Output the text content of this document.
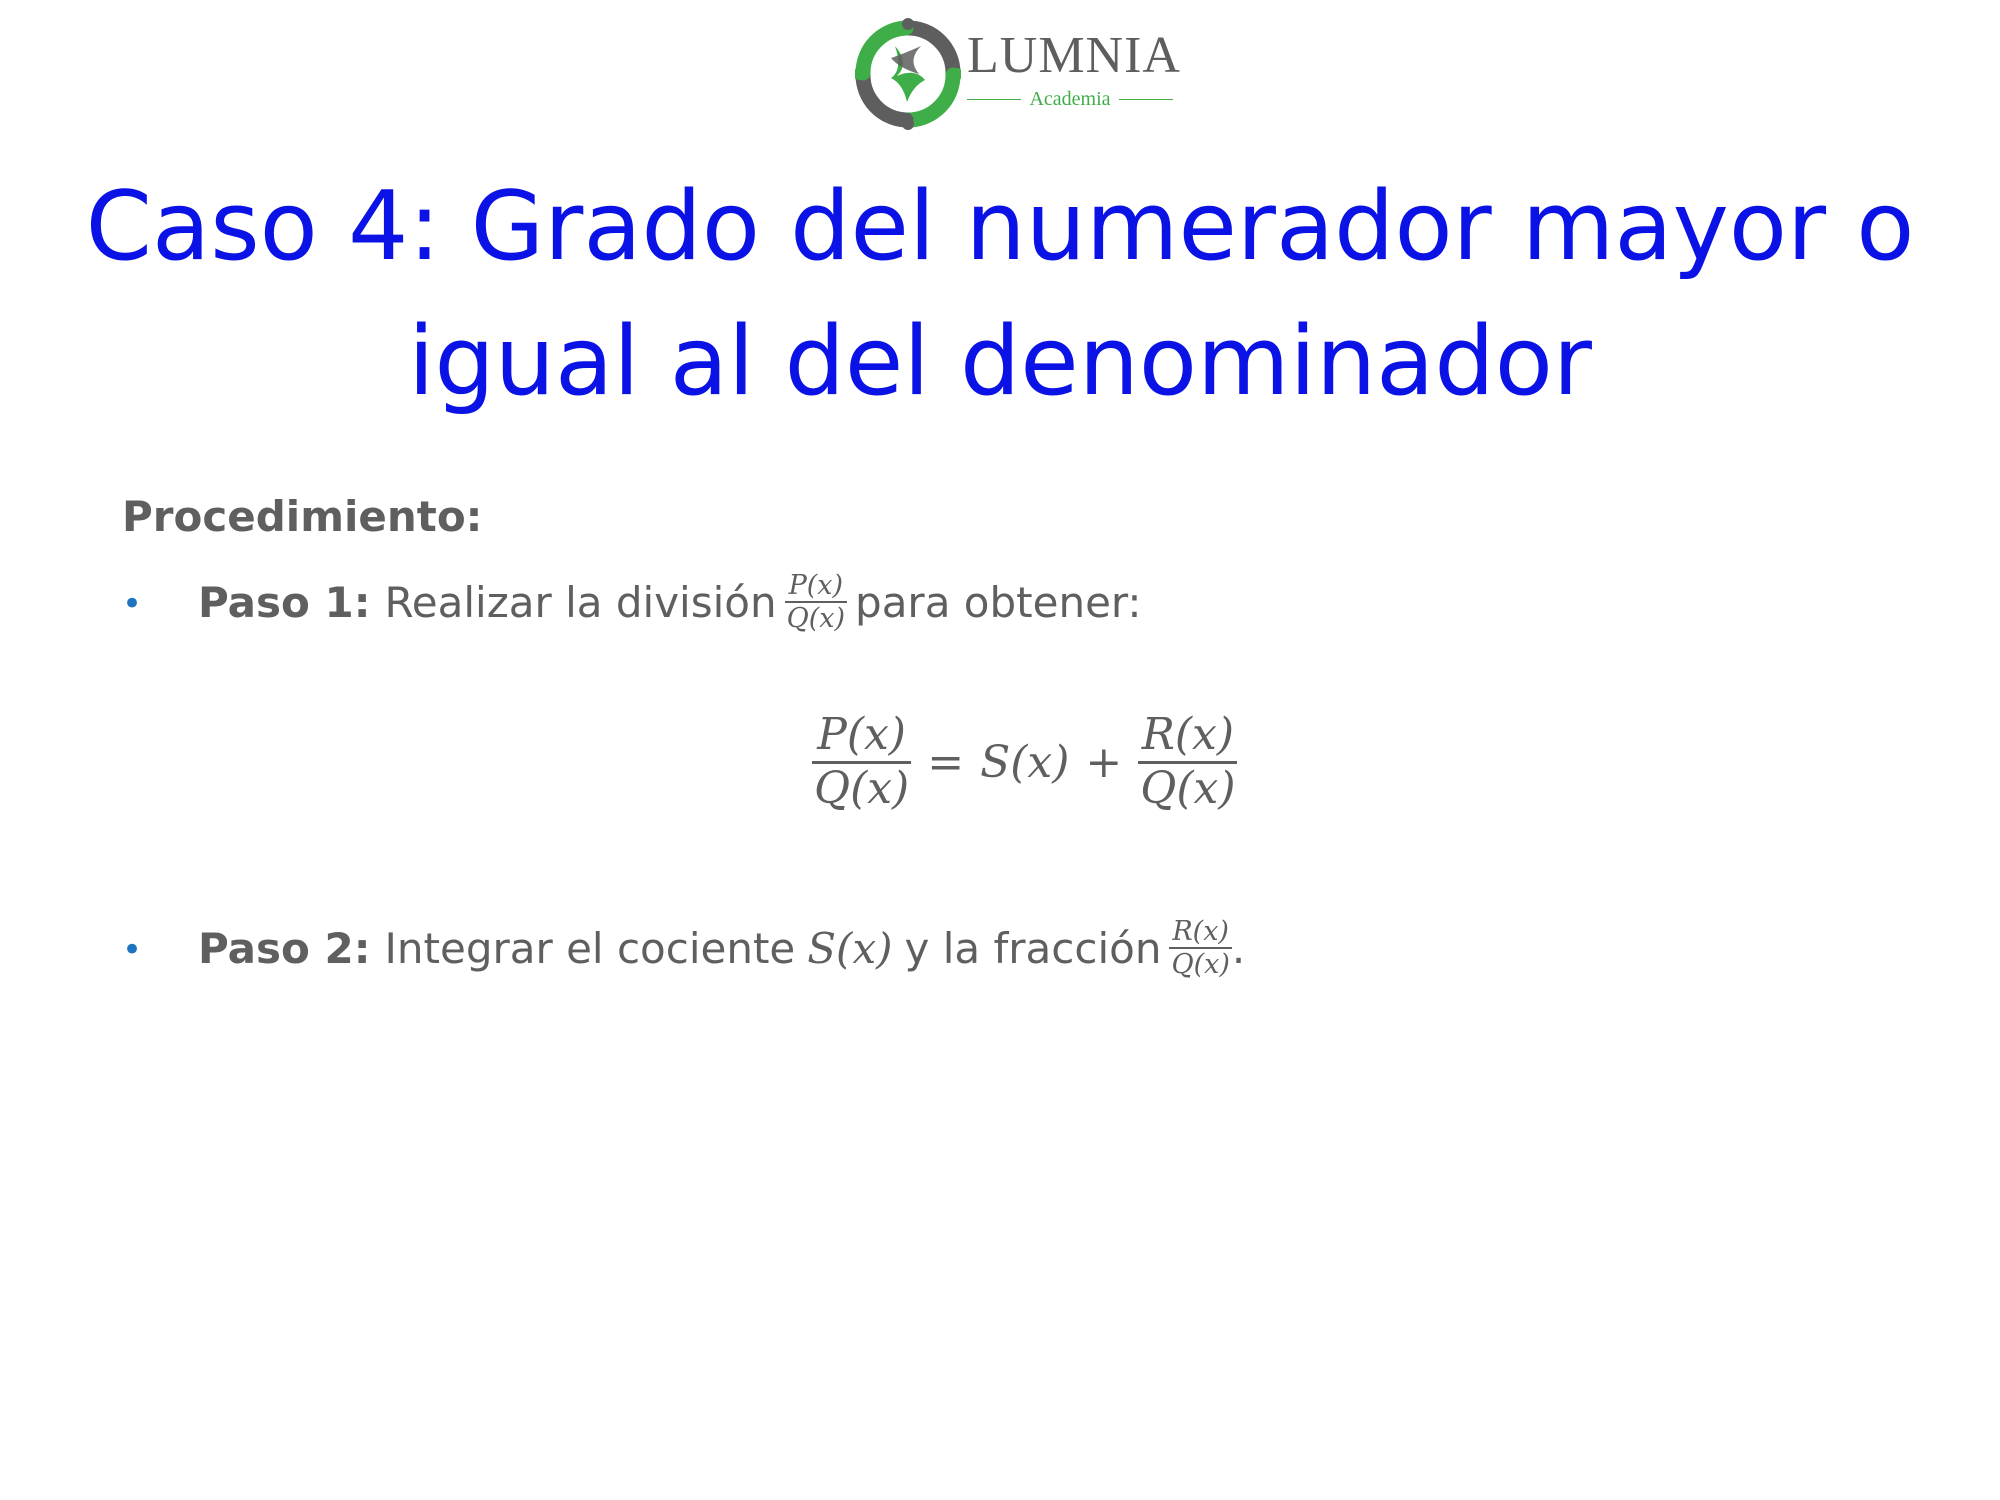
LUMNIA
Academia
Caso 4: Grado del numerador mayor o igual al del denominador
Procedimiento:
• Paso 1: Realizar la división $\frac{P(x)}{Q(x)}$ para obtener:
$\frac{P(x)}{Q(x)} = S(x) + \frac{R(x)}{Q(x)}$
• Paso 2: Integrar el cociente S(x) y la fracción $\frac{R(x)}{Q(x)}$ .
